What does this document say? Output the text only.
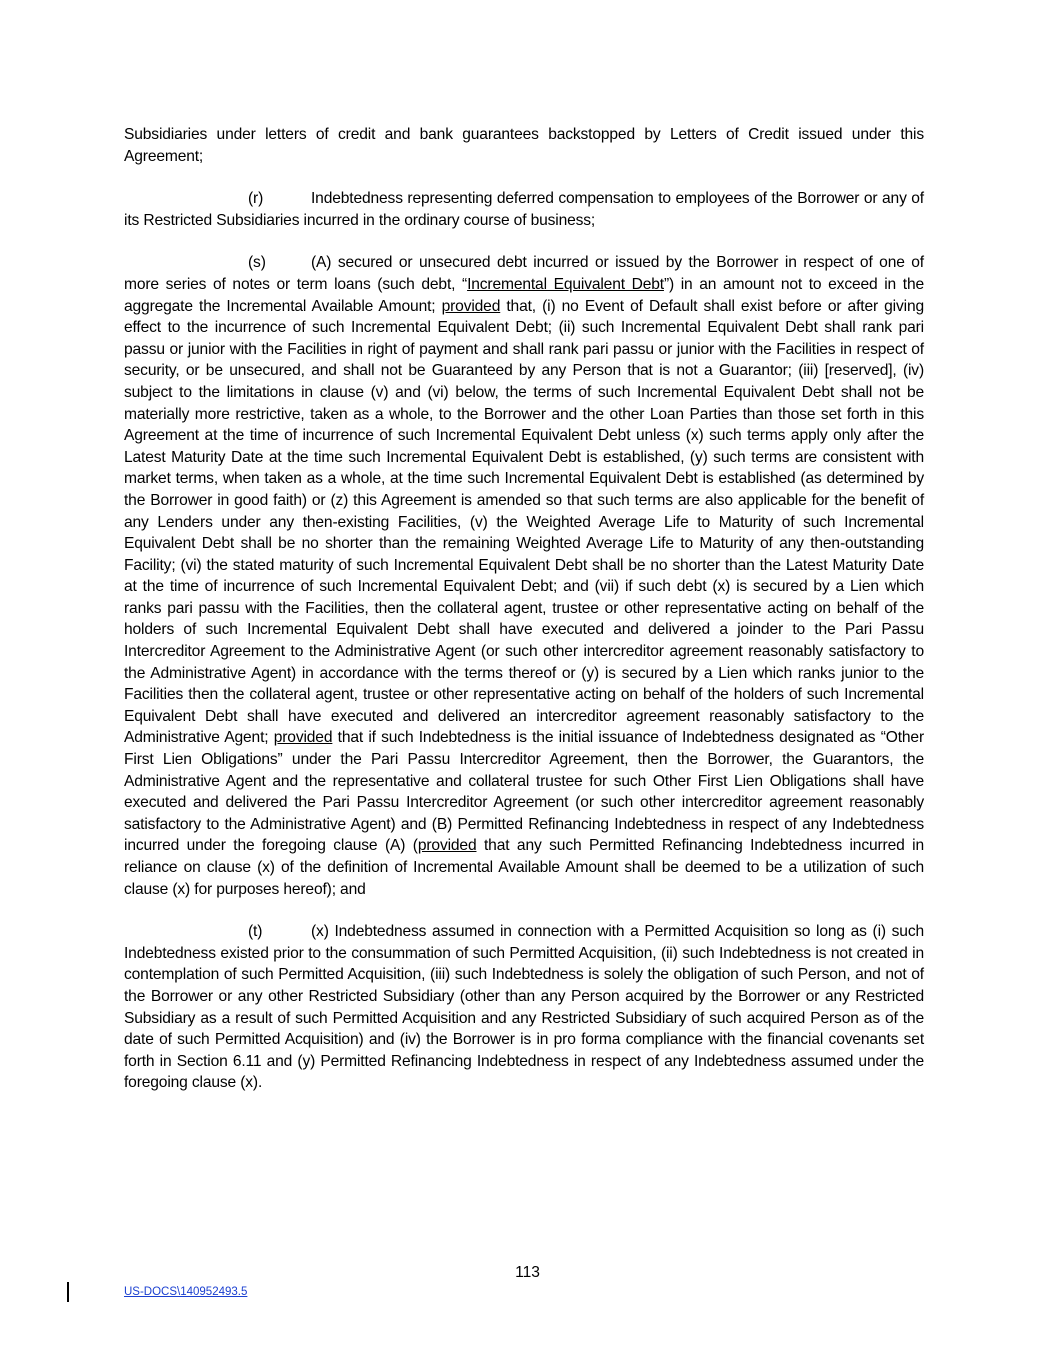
Subsidiaries under letters of credit and bank guarantees backstopped by Letters of Credit issued under this Agreement;

(r)	Indebtedness representing deferred compensation to employees of the Borrower or any of its Restricted Subsidiaries incurred in the ordinary course of business;

(s)	(A) secured or unsecured debt incurred or issued by the Borrower in respect of one of more series of notes or term loans (such debt, “Incremental Equivalent Debt”) in an amount not to exceed in the aggregate the Incremental Available Amount; provided that, (i) no Event of Default shall exist before or after giving effect to the incurrence of such Incremental Equivalent Debt; (ii) such Incremental Equivalent Debt shall rank pari passu or junior with the Facilities in right of payment and shall rank pari passu or junior with the Facilities in respect of security, or be unsecured, and shall not be Guaranteed by any Person that is not a Guarantor; (iii) [reserved], (iv) subject to the limitations in clause (v) and (vi) below, the terms of such Incremental Equivalent Debt shall not be materially more restrictive, taken as a whole, to the Borrower and the other Loan Parties than those set forth in this Agreement at the time of incurrence of such Incremental Equivalent Debt unless (x) such terms apply only after the Latest Maturity Date at the time such Incremental Equivalent Debt is established, (y) such terms are consistent with market terms, when taken as a whole, at the time such Incremental Equivalent Debt is established (as determined by the Borrower in good faith) or (z) this Agreement is amended so that such terms are also applicable for the benefit of any Lenders under any then-existing Facilities, (v) the Weighted Average Life to Maturity of such Incremental Equivalent Debt shall be no shorter than the remaining Weighted Average Life to Maturity of any then-outstanding Facility; (vi) the stated maturity of such Incremental Equivalent Debt shall be no shorter than the Latest Maturity Date at the time of incurrence of such Incremental Equivalent Debt; and (vii) if such debt (x) is secured by a Lien which ranks pari passu with the Facilities, then the collateral agent, trustee or other representative acting on behalf of the holders of such Incremental Equivalent Debt shall have executed and delivered a joinder to the Pari Passu Intercreditor Agreement to the Administrative Agent (or such other intercreditor agreement reasonably satisfactory to the Administrative Agent) in accordance with the terms thereof or (y) is secured by a Lien which ranks junior to the Facilities then the collateral agent, trustee or other representative acting on behalf of the holders of such Incremental Equivalent Debt shall have executed and delivered an intercreditor agreement reasonably satisfactory to the Administrative Agent; provided that if such Indebtedness is the initial issuance of Indebtedness designated as “Other First Lien Obligations” under the Pari Passu Intercreditor Agreement, then the Borrower, the Guarantors, the Administrative Agent and the representative and collateral trustee for such Other First Lien Obligations shall have executed and delivered the Pari Passu Intercreditor Agreement (or such other intercreditor agreement reasonably satisfactory to the Administrative Agent) and (B) Permitted Refinancing Indebtedness in respect of any Indebtedness incurred under the foregoing clause (A) (provided that any such Permitted Refinancing Indebtedness incurred in reliance on clause (x) of the definition of Incremental Available Amount shall be deemed to be a utilization of such clause (x) for purposes hereof); and

(t)	(x) Indebtedness assumed in connection with a Permitted Acquisition so long as (i) such Indebtedness existed prior to the consummation of such Permitted Acquisition, (ii) such Indebtedness is not created in contemplation of such Permitted Acquisition, (iii) such Indebtedness is solely the obligation of such Person, and not of the Borrower or any other Restricted Subsidiary (other than any Person acquired by the Borrower or any Restricted Subsidiary as a result of such Permitted Acquisition and any Restricted Subsidiary of such acquired Person as of the date of such Permitted Acquisition) and (iv) the Borrower is in pro forma compliance with the financial covenants set forth in Section 6.11 and (y) Permitted Refinancing Indebtedness in respect of any Indebtedness assumed under the foregoing clause (x).

113
US-DOCS\140952493.5
